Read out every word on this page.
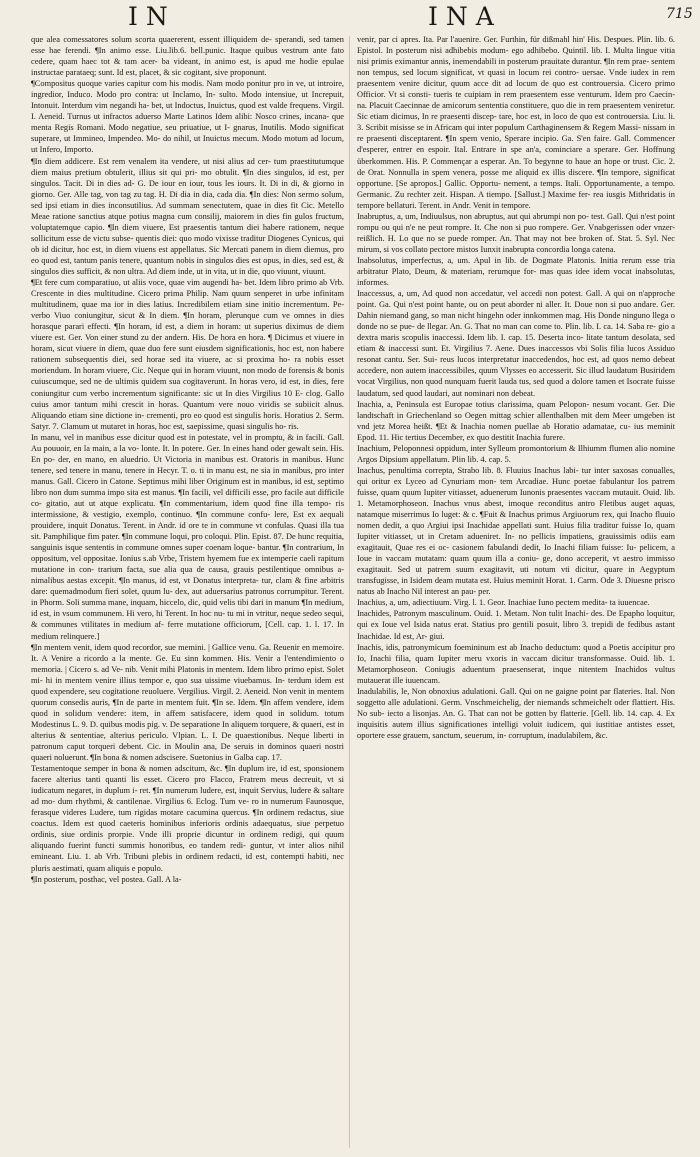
IN	INA	715

que alea comessatores solum scorta quaererent, essent illiquidem de- sperandi, sed tamen esse hae ferendi. ¶In animo esse. Liu.lib.6. bell.punic. Itaque quibus vestrum ante fato cedere, quam haec tot & tam acer- ba videant, in animo est, is apud me hodie epulae instructae parataeq; sunt. Id est, placet, & sic cogitant, sive proponunt.

¶Compositus quoque varies capitur com his modis. Nam modo ponitur pro in ve, ut introire, ingredior, Induco. Modo pro contra: ut Inclamo, In- sulto. Modo intensiue, ut Increpuit, Intonuit. Interdum vim negandi ha- bet, ut Indoctus, Inuictus, quod est valde frequens. Virgil. I. Aeneid. Turnus ut infractos aduerso Marte Latinos Idem alibi: Nosco crines, incana- que menta Regis Romani. Modo negatiue, seu priuatiue, ut I- gnarus, Inutilis. Modo significat superare, ut Immineo, Impendeo. Mo- do nihil, ut Inuictus mecum. Modo motum ad locum, ut Infero, Importo.

¶In diem addicere. Est rem venalem ita vendere, ut nisi alius ad cer- tum praestitutumque diem maius pretium obtulerit, illius sit qui pri- mo obtulit. ¶In dies singulos, id est, per singulos. Tacit. Di in dies ad- G. De iour en iour, tous les iours. It. Di in di, & giorno in giorno. Ger. Alle tag, von tag zu tag. H. Di dia in dia, cada dia. ¶In dies: Non sermo solum, sed ipsi etiam in dies inconsutilius. Ad summam senectutem, quae in dies fit Cic. Metello Meae ratione sanctius atque potius magna cum consilij, maiorem in dies fin gulos fructum, voluptatemque capio. ¶In diem viuere, Est praesentis tantum diei habere rationem, neque sollicitum esse de victu subse- quentis diei: quo modo vixisse traditur Diogenes Cynicus, qui ob id dicitur, hoc est, in diem viuens est appellatus. Sic Mercati panem in diem diemus, pro eo quod est, tantum panis tenere, quantum nobis in singulos dies est opus, in dies, sed est, & singulos dies sufficit, & non ultra. Ad diem inde, ut in vita, ut in die, quo viuunt, viuunt.

¶Et fere cum comparatiuo, ut aliis voce, quae vim augendi ha- bet. Idem libro primo ab Vrb. Crescente in dies multitudine. Cicero prima Philip. Nam quum senperet in urbe infinitam multitudinem, quae ma ior in dies latius. Incredibilem etiam sine initio incrementum. Pe- verbo Viuo coniungitur, sicut & In diem. ¶In horam, plerunque cum ve omnes in dies horasque parari effecti. ¶In horam, id est, a diem in horam: ut superius diximus de diem viuere est. Ger. Von einer stund zu der andern. His. De hora en hora. ¶ Dicimus et viuere in horam, sicut viuere in diem, quae duo fere sunt eiusdem significationis, hoc est, non habere rationem subsequentis diei, sed horae sed ita viuere, ac si proxima ho- ra nobis esset moriendum. In horam viuere, Cic. Neque qui in horam viuunt, non modo de forensis & bonis cuiuscumque, sed ne de ultimis quidem sua cogitaverunt. In horas vero, id est, in dies, fere coniungitur cum verbo incrementum significante: sic ut In dies Virgilius 10 E- clog. Gallo cuius amor tantum mihi crescit in horas. Quantum vere nouo viridis se subiicit alnus. Aliquando etiam sine dictione in- crementi, pro eo quod est singulis horis. Horatius 2. Serm. Satyr. 7. Clamum ut mutaret in horas, hoc est, saepissime, quasi singulis ho- ris.

In manu, vel in manibus esse dicitur quod est in potestate, vel in promptu, & in facili. Gall. Au pouuoir, en la main, a la vo- lonte. It. In potere. Ger. In eines hand oder gewalt sein. His. En po- der, en mano, en aluedrio. Ut Victoria in manibus est. Oratoris in manibus. Hunc tenere, sed tenere in manu, tenere in Hecyr. T. o. ti in manu est, ne sia in manibus, pro inter manus. Gall. Cicero in Catone. Septimus mihi liber Originum est in manibus, id est, septimo libro non dum summa impo sita est manus. ¶In facili, vel difficili esse, pro facile aut difficile co- gitatio, aut ut atque explicatu. ¶In commentarium, idem quod fine illa tempo- ris intermissione, & vestigio, exemplo, continuo. ¶In commune confu- lere, Est ex aequali prouidere, inquit Donatus. Terent. in Andr. id ore te in commune vt confulas. Quasi illa tua sit. Pamphilique fim pater. ¶In commune loqui, pro coloqui. Plin. Epist. 87. De hunc requitia, sanguinis isque sententis in commune omnes super coenam loque- bantur. ¶In contrarium, In oppositum, vel oppositae. Ionius s.ab Vrbe, Tristem hyemem fue ex intemperie caeli rapitum mutatione in con- trarium facta, sue alia qua de causa, grauis pestilentique omnibus a- nimalibus aestas excepit. ¶In manus, id est, vt Donatus interpreta- tur, clam & fine arbitris dare: quemadmodum fieri solet, quum lu- dex, aut aduersarius patronus corrumpitur. Terent. in Phorm. Soli summa mane, inquam, hiccelo, dic, quid velis tibi dari in manum ¶In medium, id est, in vsum communem. Hi vero, hi Terent. In hoc nu- tu mi in vtritur, neque sedeo sequi, & communes vtilitates in medium af- ferre mutatione officiorum, [Cell. cap. 1. l. 17. In medium relinquere.]

¶In mentem venit, idem quod recordor, sue memini. | Gallice venu. Ga. Reuenir en memoire. It. A Venire a ricordo a la mente. Ge. Eu sinn kommen. His. Venir a l'entendimiento o memoria. | Cicero s. ad Ve- nib. Venit mihi Platonis in mentem. Idem libro primo epist. Solet mi- hi in mentem venire illius tempor e, quo sua uissime viuebamus. In- terdum idem est quod expendere, seu cogitatione reuoluere. Vergilius. Virgil. 2. Aeneid. Non venit in mentem quorum consedis auris, ¶In de parte in mentem fuit. ¶In se. Idem. ¶In affem vendere, idem quod in solidum vendere: item, in affem satisfacere, idem quod in solidum. totum Modestinus L. 9. D. quibus modis pig. v. De separatione In aliquem torquere, & quaeri, est in alterius & sententiae, alterius periculo. Vlpian. L. I. De quaestionibus. Neque liberti in patronum caput torqueri debent. Cic. in Moulin ana, De seruis in dominos quaeri nostri quaeri noluerunt. ¶In bona & nomen adscisere. Suetonius in Galba cap. 17.

Testamentoque semper in bona & nomen adscitum, &c. ¶In duplum ire, id est, sponsionem facere alterius tanti quanti lis esset. Cicero pro Flacco, Fratrem meus decreuit, vt si iudicatum negaret, in duplum i- ret. ¶In numerum ludere, est, inquit Servius, ludere & saltare ad mo- dum rhythmi, & cantilenae. Virgilius 6. Eclog. Tum ve- ro in numerum Faunosque, ferasque videres Ludere, tum rigidas motare cacumina quercus. ¶In ordinem redactus, siue coactus. Idem est quod caeteris hominibus inferioris ordinis adaequatus, siue perpetuo ordinis, siue ordinis prorpie. Vnde illi proprie dicuntur in ordinem redigi, qui quum aliquando fuerint functi summis honoribus, eo tandem redi- guntur, vt inter alios nihil emineant. Liu. 1. ab Vrb. Tribuni plebis in ordinem redacti, id est, contempti habiti, nec pluris aestimati, quam aliquis e populo.

¶In posterum, posthac, vel postea. Gall. A la-

venir, par ci apres. Ita. Par l'auenire. Ger. Furthin, für dißmahl hin' His. Despues. Plin. lib. 6. Epistol. In posterum nisi adhibebis modum- ego adhibebo. Quintil. lib. I. Multa lingue vitia nisi primis eximantur annis, inemendabili in posterum prauitate durantur. ¶In rem prae- sentem non tempus, sed locum significat, vt quasi in locum rei contro- uersae. Vnde iudex in rem praesentem venire dicitur, quum acce dit ad locum de quo est controuersia. Cicero primo Officior. Vt si consti- tueris te cuipiam in rem praesentem esse venturum. Idem pro Caecin- na. Placuit Caecinnae de amicorum sententia constituere, quo die in rem praesentem veniretur. Sic etiam dicimus, In re praesenti discep- tare, hoc est, in loco de quo est controuersia. Liu. li. 3. Scribit misisse se in Africam qui inter populum Carthaginensem & Regem Massi- nissam in re praesenti disceptarent. ¶In spem venio, Sperare incipio. Ga. S'en faire. Gall. Commencer d'esperer, entrer en espoir. Ital. Entrare in spe an'a, cominciare a sperare. Ger. Hoffnung überkommen. His. P. Commençar a esperar. An. To begynne to haue an hope or trust. Cic. 2. de Orat. Nonnulla in spem venera, posse me aliquid ex illis discere. ¶In tempore, significat opportune. [Se apropos.] Gallic. Opportu- nement, a temps. Itali. Opportunamente, a tempo. Germanic. Zu rechter zeit. Hispan. A tiempo. [Sallust.] Maxime fer- rea iusgis Mithridatis in tempore bellaturi. Terent. in Andr. Venit in tempore.

Inabruptus, a, um, Indiuulsus, non abruptus, aut qui abrumpi non po- test. Gall. Qui n'est point rompu ou qui n'e ne peut rompre. It. Che non si puo rompere. Ger. Vnabgerissen oder vnzer- reißlich. H. Lo que no se puede romper. An. That may not bee broken of. Stat. 5. Syl. Nec mirum, si vos collato pectore mistos Iunxit inabrupta concordia longa catena.

Inabsolutus, imperfectus, a, um. Apul in lib. de Dogmate Platonis. Initia rerum esse tria arbitratur Plato, Deum, & materiam, rerumque for- mas quas idee idem vocat inabsolutas, informes.

Inaccessus, a, um, Ad quod non accedatur, vel accedi non potest. Gall. A qui on n'approche point. Ga. Qui n'est point hante, ou on peut aborder ni aller. It. Doue non si puo andare. Ger. Dahin niemand gang, so man nicht hingehn oder innkommen mag. His Donde ninguno llega o donde no se pue- de llegar. An. G. That no man can come to. Plin. lib. I. ca. 14. Saba re- gio a dextra maris scopulis inaccessi. Idem lib. I. cap. 15. Deserta inco- litate tantum desolata, sed etiam & inaccessi sunt. Et. Virgilius 7. Aene. Dues inaccessos vbi Solis filia lucos Assiduo resonat cantu. Ser. Sui- reus lucos interpretatur inaccedendos, hoc est, ad quos nemo debeat accedere, non autem inaccessibiles, quum Vlysses eo accesserit. Sic illud laudatum Busiridem vocat Virgilius, non quod nunquam fuerit lauda tus, sed quod a dolore tamen et Isocrate fuisse laudatum, sed quod laudari, aut nominari non debeat.

Inachia, a, Peninsula est Europae totius clarissima, quam Pelopon- nesum vocant. Ger. Die landtschaft in Griechenland so Oegen mittag schier allenthalben mit dem Meer umgeben ist vnd jetz Morea heißt. ¶Et & Inachia nomen puellae ab Horatio adamatae, cu- ius meminit Epod. 11. Hic tertius December, ex quo destitit Inachia furere.

Inachium, Peloponnesi oppidum, inter Sylleum promontorium & Ilhiumm flumen alio nomine Argos Dipsium appellatum. Plin lib. 4. cap. 5.

Inachus, penultima correpta, Strabo lib. 8. Fluuius Inachus labi- tur inter saxosas conualles, qui oritur ex Lyceo ad Cynuriam mon- tem Arcadiae. Hunc poetae fabulantur Ios patrem fuisse, quam quum Iupiter vitiasset, aduenerum Iunonis praesentes vaccam mutauit. Ouid. lib. 1. Metamorphoseon. Inachus vnus abest, imoque reconditus antro Fletibus auget aquas, natamque miserrimus Io luget: & c. ¶Fuit & Inachus primus Argiuorum rex, qui Inacho fluuio nomen dedit, a quo Argiui ipsi Inachidae appellati sunt. Huius filia traditur fuisse Io, quam Iupiter vitiasset, ut in Cretam adueniret. In- no pellicis impatiens, grauissimis odiis eam exagitauit, Quae res ei oc- casionem fabulandi dedit, Io Inachi filiam fuisse: Iu- pelicem, a Ioue in vaccam mutatam: quam quum illa a coniu- ge, dono acceperit, vt aestro immisso exagitauit. Sed ut patrem suum exagitavit, uti notum vti dicitur, quare in Aegyptum transfugisse, in Isidem deam mutata est. Huius meminit Horat. 1. Carm. Ode 3. Diuesne prisco natus ab Inacho Nil interest an pau- per.

Inachius, a, um, adiectiuum. Virg. l. 1. Geor. Inachiae Iuno pectem medita- ta iuuencae.

Inachides, Patronym masculinum. Ouid. 1. Metam. Non tulit Inachi- des. De Epapho loquitur, qui ex Ioue vel Isida natus erat. Statius pro gentili posuit, libro 3. trepidi de fedibus astant Inachidae. Id est, Ar- giui.

Inachis, idis, patronymicum foemininum est ab Inacho deductum: quod a Poetis accipitur pro Io, Inachi filia, quam Iupiter meru vxoris in vaccam dicitur transformasse. Ouid. lib. 1. Metamorphoseon. Coniugis aduentum praesenserat, inque nitentem Inachidos vultus mutauerat ille iuuencam.

Inadulabilis, le, Non obnoxius adulationi. Gall. Qui on ne gaigne point par flateries. Ital. Non soggetto alle adulationi. Germ. Vnschmeichelig, der niemands schmeichelt oder flattiert. His. No sub- iecto a lisonjas. An. G. That can not be gotten by flatterie. [Gell. lib. 14. cap. 4. Ex inquisitis autem illius significationes intelligi voluit iudicem, qui iustitiae antistes esset, oportere esse grauem, sanctum, seuerum, in- corruptum, inadulabilem, &c.
